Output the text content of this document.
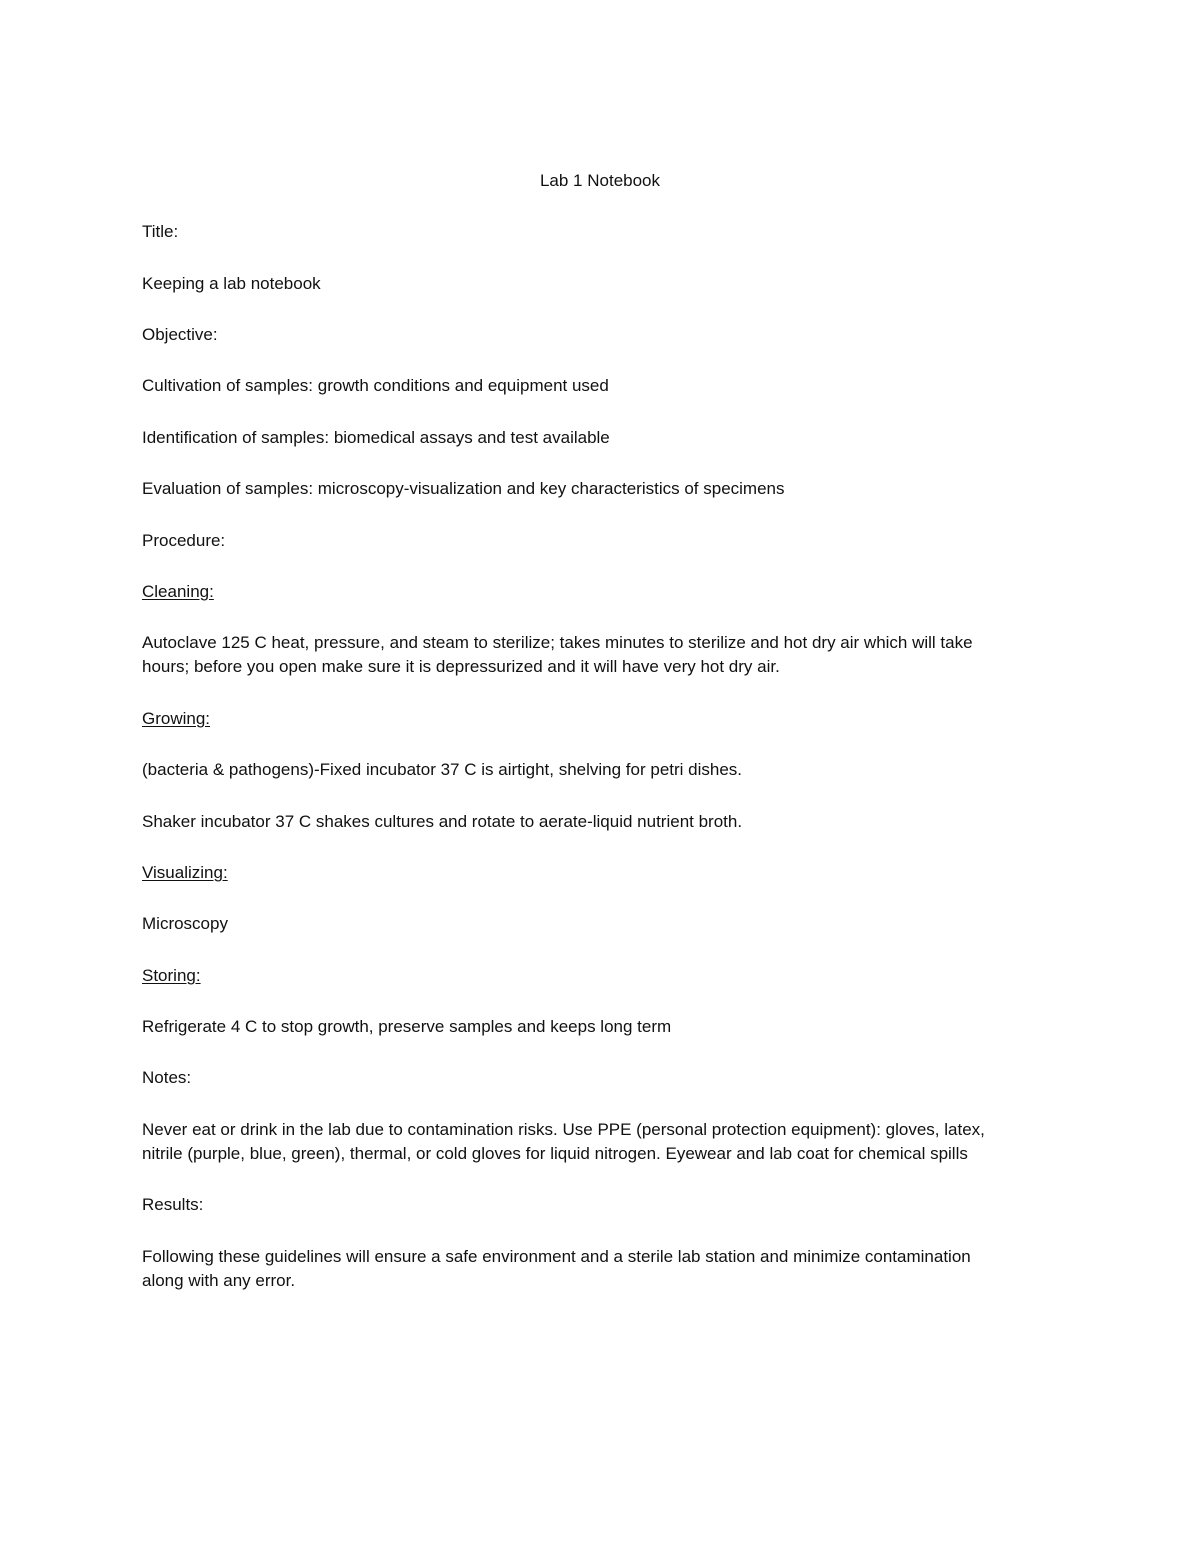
Lab 1 Notebook

Title:

Keeping a lab notebook

Objective:

Cultivation of samples: growth conditions and equipment used

Identification of samples: biomedical assays and test available

Evaluation of samples: microscopy-visualization and key characteristics of specimens

Procedure:

Cleaning:

Autoclave 125 C heat, pressure, and steam to sterilize; takes minutes to sterilize and hot dry air which will take

hours; before you open make sure it is depressurized and it will have very hot dry air.

Growing:

(bacteria & pathogens)-Fixed incubator 37 C is airtight, shelving for petri dishes.

Shaker incubator 37 C shakes cultures and rotate to aerate-liquid nutrient broth.

Visualizing:

Microscopy

Storing:

Refrigerate 4 C to stop growth, preserve samples and keeps long term

Notes:

Never eat or drink in the lab due to contamination risks. Use PPE (personal protection equipment): gloves, latex,

nitrile (purple, blue, green), thermal, or cold gloves for liquid nitrogen. Eyewear and lab coat for chemical spills

Results:

Following these guidelines will ensure a safe environment and a sterile lab station and minimize contamination

along with any error.
